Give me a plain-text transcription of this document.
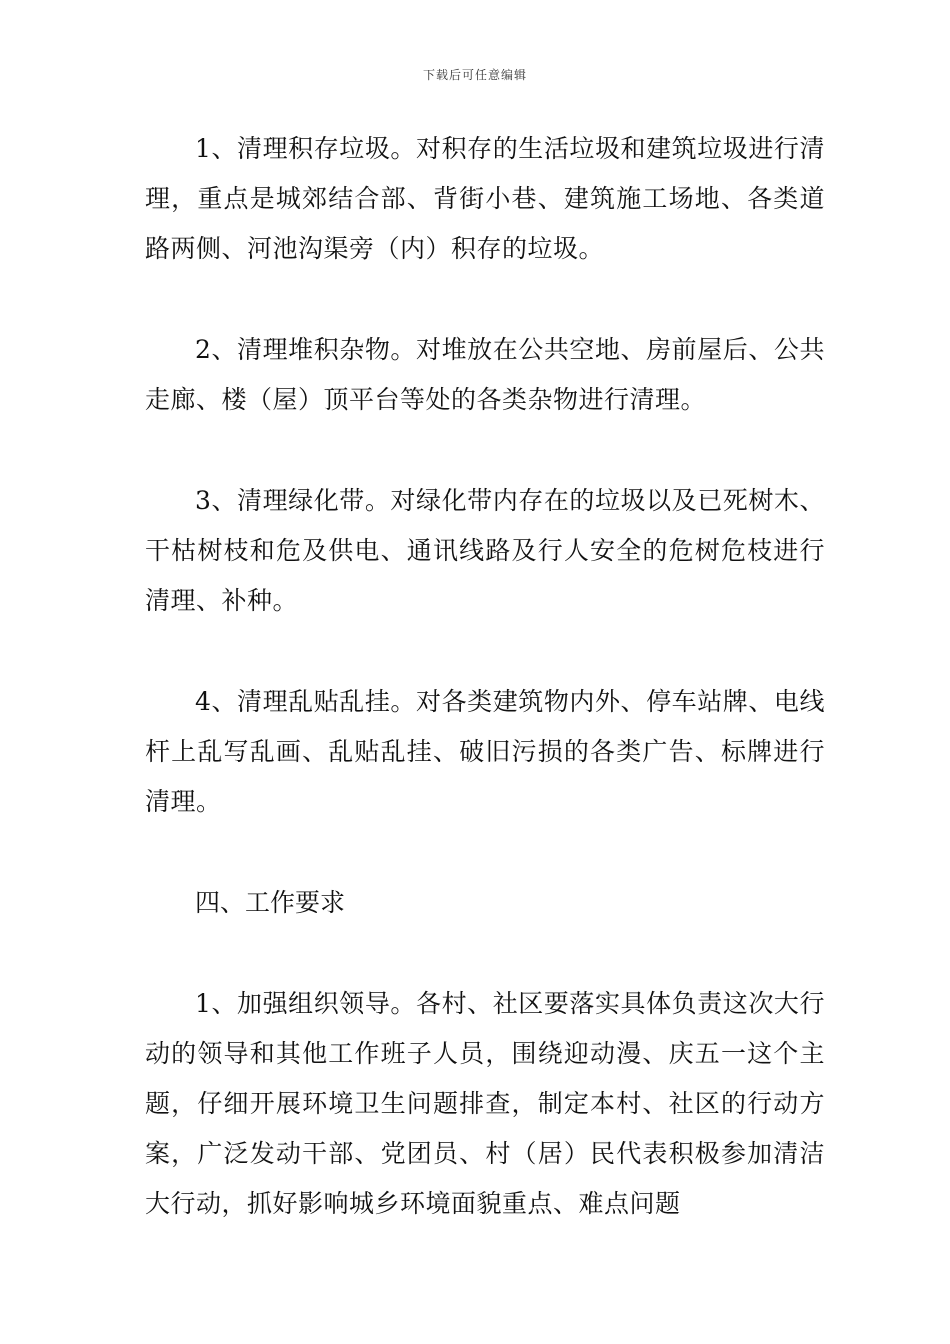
下载后可任意编辑

1、清理积存垃圾。对积存的生活垃圾和建筑垃圾进行清理，重点是城郊结合部、背街小巷、建筑施工场地、各类道路两侧、河池沟渠旁（内）积存的垃圾。

2、清理堆积杂物。对堆放在公共空地、房前屋后、公共走廊、楼（屋）顶平台等处的各类杂物进行清理。

3、清理绿化带。对绿化带内存在的垃圾以及已死树木、干枯树枝和危及供电、通讯线路及行人安全的危树危枝进行清理、补种。

4、清理乱贴乱挂。对各类建筑物内外、停车站牌、电线杆上乱写乱画、乱贴乱挂、破旧污损的各类广告、标牌进行清理。

四、工作要求

1、加强组织领导。各村、社区要落实具体负责这次大行动的领导和其他工作班子人员，围绕迎动漫、庆五一这个主题，仔细开展环境卫生问题排查，制定本村、社区的行动方案，广泛发动干部、党团员、村（居）民代表积极参加清洁大行动，抓好影响城乡环境面貌重点、难点问题
